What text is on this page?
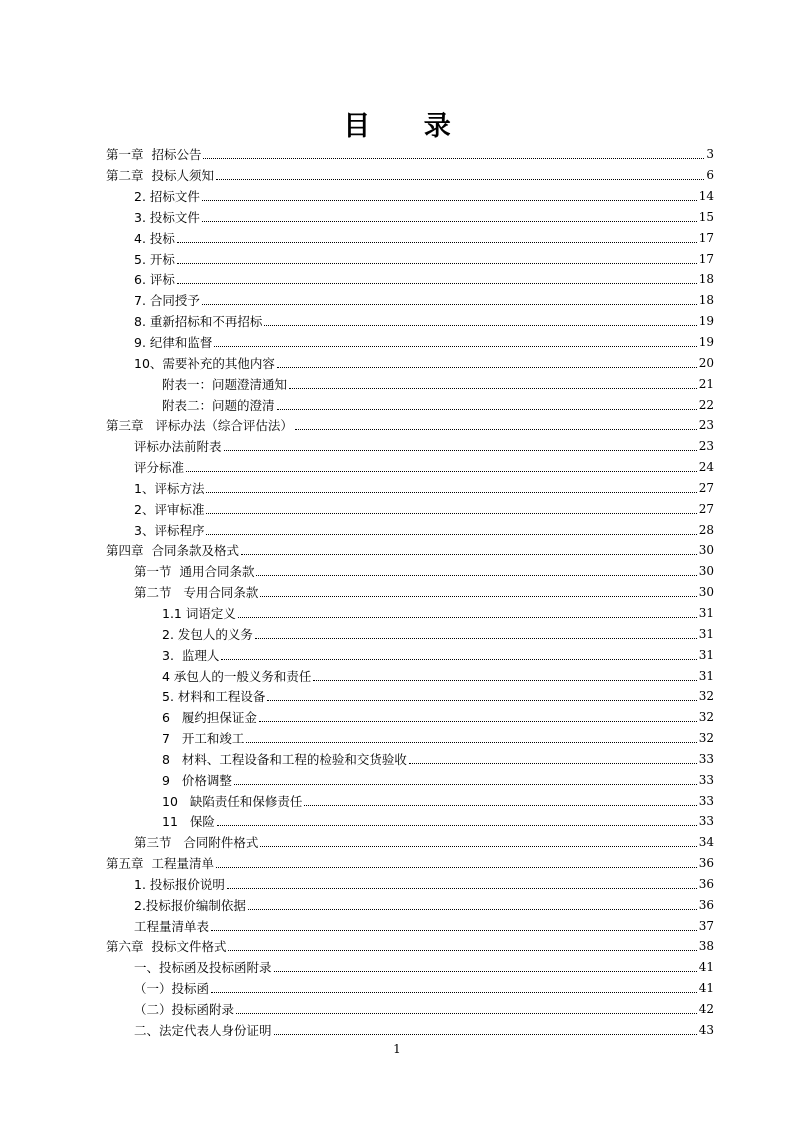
目 录
第一章  招标公告	3
第二章  投标人须知	6
2. 招标文件	14
3. 投标文件	15
4. 投标	17
5. 开标	17
6. 评标	18
7. 合同授予	18
8. 重新招标和不再招标	19
9. 纪律和监督	19
10、需要补充的其他内容	20
附表一：问题澄清通知	21
附表二：问题的澄清	22
第三章   评标办法（综合评估法）	23
评标办法前附表	23
评分标准	24
1、评标方法	27
2、评审标准	27
3、评标程序	28
第四章  合同条款及格式	30
第一节  通用合同条款	30
第二节   专用合同条款	30
1.1 词语定义	31
2. 发包人的义务	31
3.  监理人	31
4 承包人的一般义务和责任	31
5. 材料和工程设备	32
6   履约担保证金	32
7   开工和竣工	32
8   材料、工程设备和工程的检验和交货验收	33
9   价格调整	33
10   缺陷责任和保修责任	33
11   保险	33
第三节   合同附件格式	34
第五章  工程量清单	36
1. 投标报价说明	36
2.投标报价编制依据	36
工程量清单表	37
第六章  投标文件格式	38
一、投标函及投标函附录	41
（一）投标函	41
（二）投标函附录	42
二、法定代表人身份证明	43
1
